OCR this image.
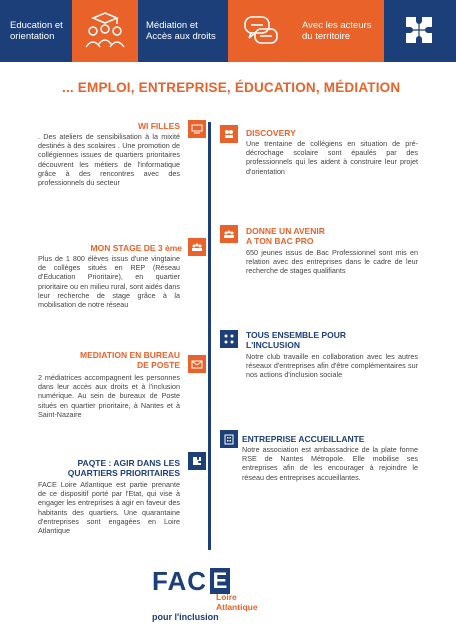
Education et
orientation
Médiation et
Accès aux droits
Avec les acteurs
du territoire
... EMPLOI, ENTREPRISE, ÉDUCATION, MÉDIATION
WI FILLES
. Des ateliers de sensibilisation à la mixité destinés à des scolaires . Une promotion de collégiennes issues de quartiers prioritaires découvrent les métiers de l'informatique grâce à des rencontres avec des professionnels du secteur
DISCOVERY
Une trentaine de collégiens en situation de pré-décrochage scolaire sont épaulés par des professionnels qui les aident à construire leur projet d'orientation
MON STAGE DE 3 ème
Plus de 1 800 élèves issus d'une vingtaine de collèges situés en REP (Réseau d'Education Prioritaire), en quartier prioritaire ou en milieu rural, sont aidés dans leur recherche de stage grâce à la mobilisation de notre réseau
DONNE UN AVENIR
A TON BAC PRO
650 jeunes issus de Bac Professionnel sont mis en relation avec des entreprises dans le cadre de leur recherche de stages qualifiants
TOUS ENSEMBLE POUR
L'INCLUSION
Notre club travaille en collaboration avec les autres réseaux d'entreprises afin d'être complémentaires sur nos actions d'inclusion sociale
MEDIATION EN BUREAU
DE POSTE
2 médiatrices accompagnent les personnes dans leur accès aux droits et à l'inclusion numérique. Au sein de bureaux de Poste situés en quartier prioritaire, à Nantes et à Saint-Nazaire
ENTREPRISE ACCUEILLANTE
Notre association est ambassadrice de la plate forme RSE de Nantes Métropole. Elle mobilise ses entreprises afin de les encourager à rejoindre le réseau des entreprises accueillantes.
PAQTE : AGIR DANS LES
QUARTIERS PRIORITAIRES
FACE Loire Atlantique est partie prenante de ce dispositif porté par l'Etat, qui vise à engager les entreprises à agir en faveur des habitants des quartiers. Une quarantaine d'entreprises sont engagées en Loire Atlantique
FAC E
Loire
Atlantique
pour l'inclusion
